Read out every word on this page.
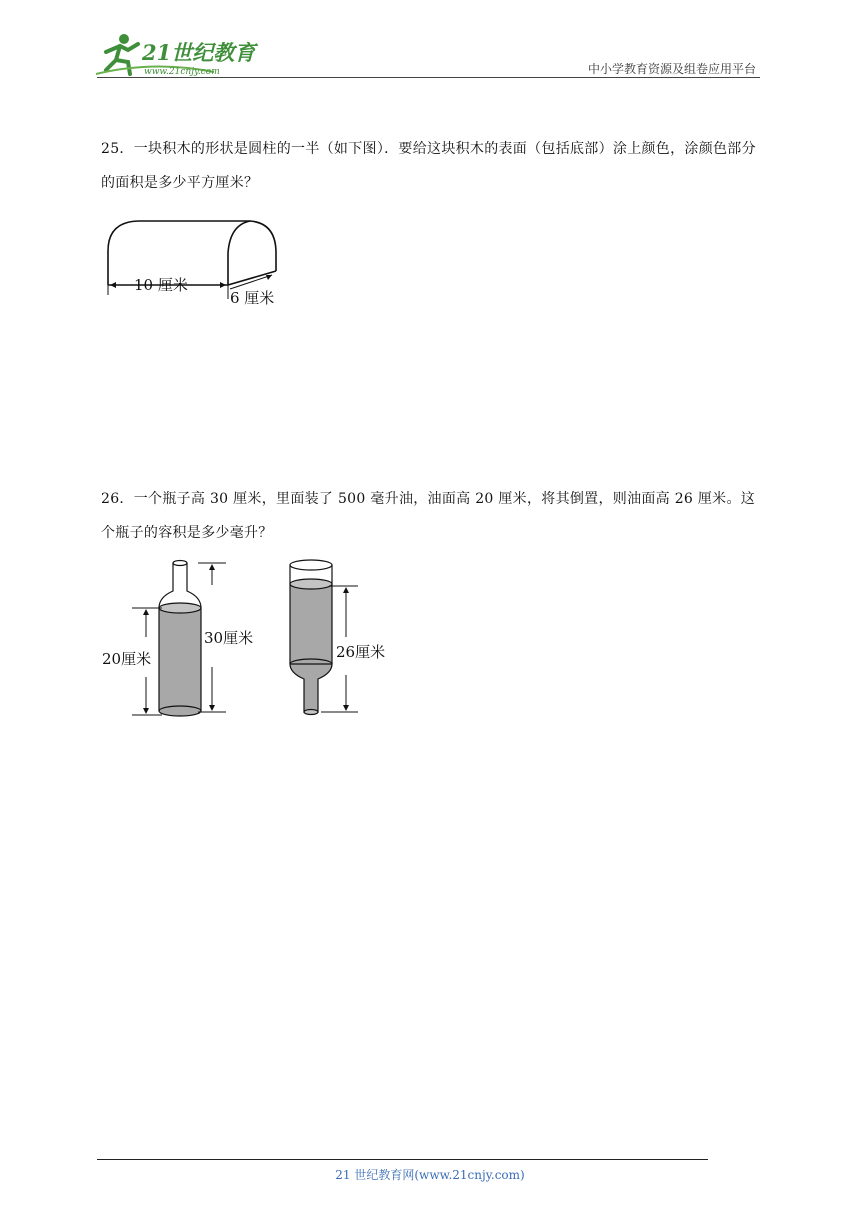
21世纪教育
www.21cnjy.com	中小学教育资源及组卷应用平台
25．一块积木的形状是圆柱的一半（如下图）．要给这块积木的表面（包括底部）涂上颜色，涂颜色部分的面积是多少平方厘米？
10 厘米
6 厘米
26．一个瓶子高 30 厘米，里面装了 500 毫升油，油面高 20 厘米，将其倒置，则油面高 26 厘米。这个瓶子的容积是多少毫升？
20厘米
30厘米
26厘米
21 世纪教育网(www.21cnjy.com)
